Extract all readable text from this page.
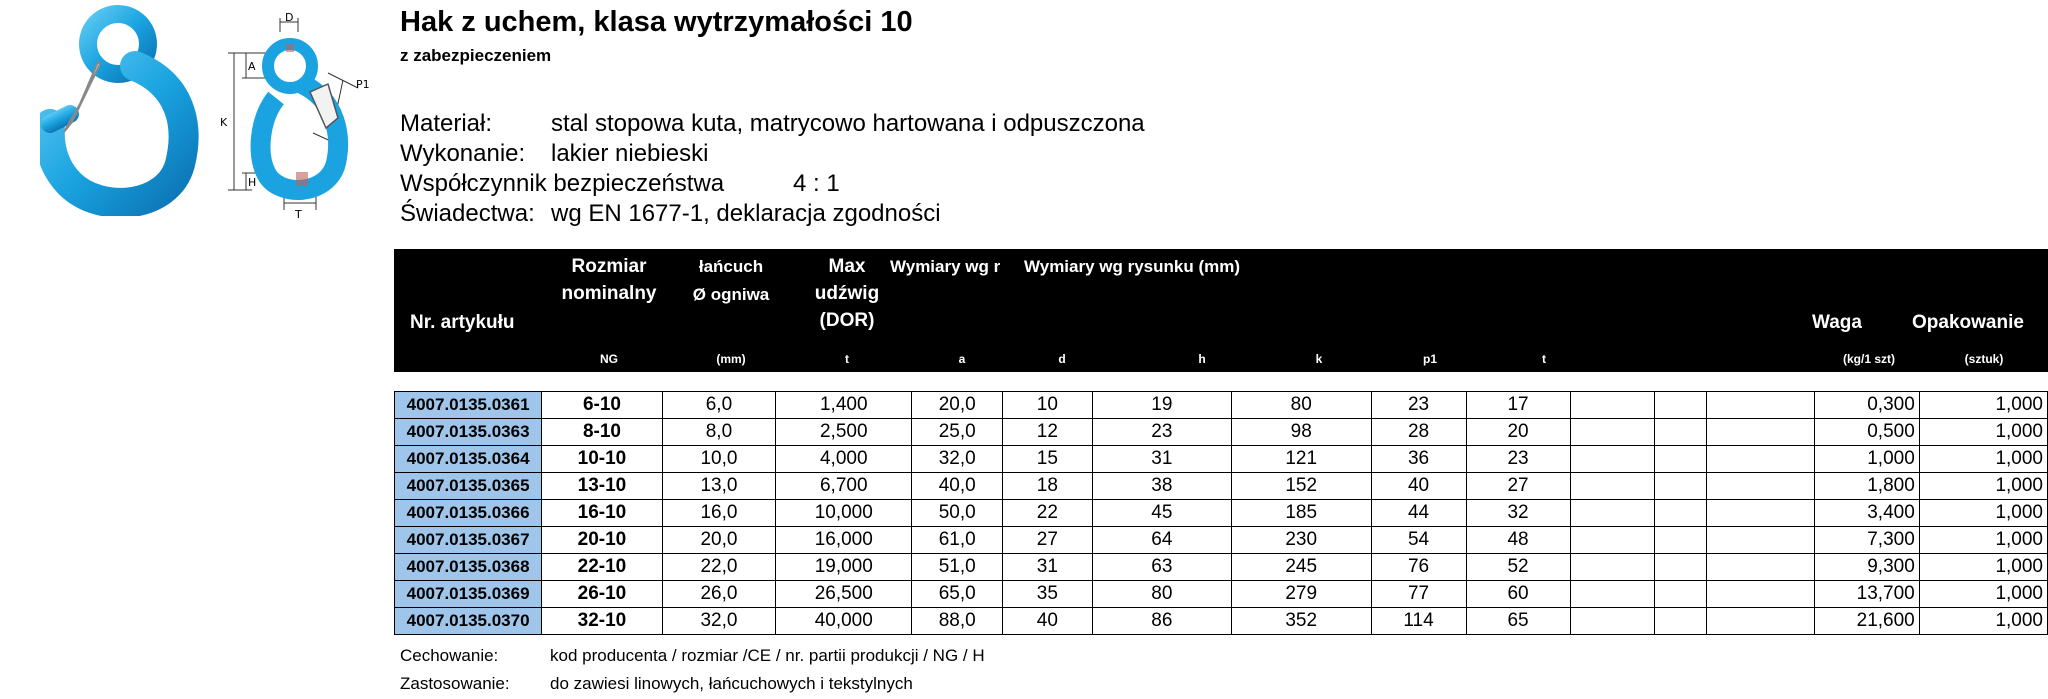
D
A
K
H
T
P1
Hak z uchem, klasa wytrzymałości 10
z zabezpieczeniem
Materiał: stal stopowa kuta, matrycowo hartowana i odpuszczona
Wykonanie: lakier niebieski
Współczynnik bezpieczeństwa	4 : 1
Świadectwa: wg EN 1677-1, deklaracja zgodności
Nr. artykułu
Rozmiar
nominalny
łańcuch
Ø ogniwa
Max
udźwig
(DOR)
Wymiary wg r	Wymiary wg rysunku (mm)
Waga	Opakowanie
NG	(mm)	t	a	d	h	k	p1	t	(kg/1 szt)	(sztuk)
4007.0135.0361	6-10	6,0	1,400	20,0	10	19	80	23	17				0,300	1,000
4007.0135.0363	8-10	8,0	2,500	25,0	12	23	98	28	20				0,500	1,000
4007.0135.0364	10-10	10,0	4,000	32,0	15	31	121	36	23				1,000	1,000
4007.0135.0365	13-10	13,0	6,700	40,0	18	38	152	40	27				1,800	1,000
4007.0135.0366	16-10	16,0	10,000	50,0	22	45	185	44	32				3,400	1,000
4007.0135.0367	20-10	20,0	16,000	61,0	27	64	230	54	48				7,300	1,000
4007.0135.0368	22-10	22,0	19,000	51,0	31	63	245	76	52				9,300	1,000
4007.0135.0369	26-10	26,0	26,500	65,0	35	80	279	77	60				13,700	1,000
4007.0135.0370	32-10	32,0	40,000	88,0	40	86	352	114	65				21,600	1,000
Cechowanie:	kod producenta / rozmiar /CE / nr. partii produkcji / NG / H
Zastosowanie: do zawiesi linowych, łańcuchowych i tekstylnych
